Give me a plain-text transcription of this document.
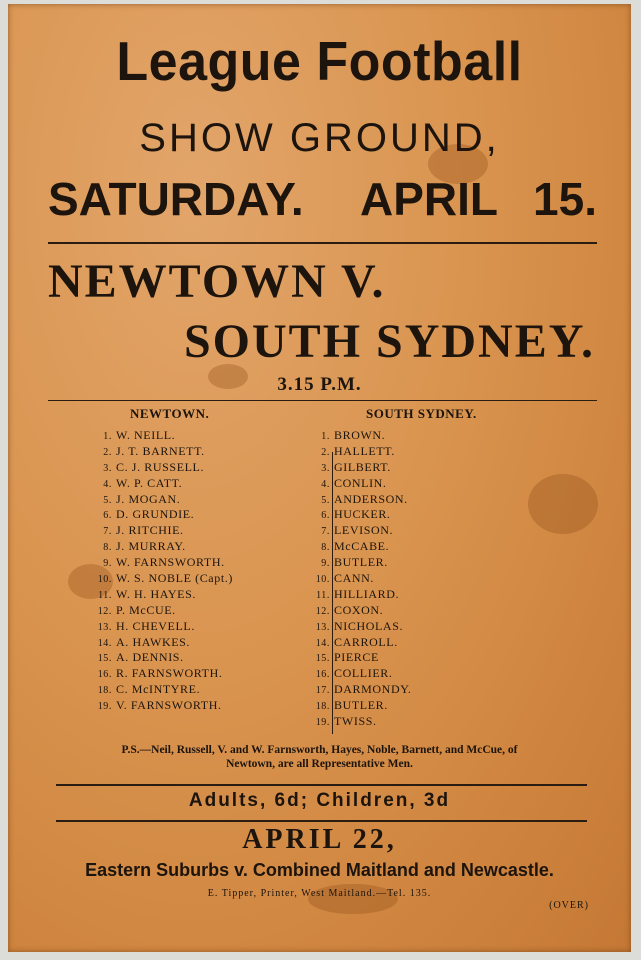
League Football
SHOW GROUND,
SATURDAY. APRIL 15.
NEWTOWN V.
SOUTH SYDNEY.
3.15 P.M.
NEWTOWN.
1. W. NEILL.
2. J. T. BARNETT.
3. C. J. RUSSELL.
4. W. P. CATT.
5. J. MOGAN.
6. D. GRUNDIE.
7. J. RITCHIE.
8. J. MURRAY.
9. W. FARNSWORTH.
10. W. S. NOBLE (Capt.)
11. W. H. HAYES.
12. P. McCUE.
13. H. CHEVELL.
14. A. HAWKES.
15. A. DENNIS.
16. R. FARNSWORTH.
18. C. McINTYRE.
19. V. FARNSWORTH.
SOUTH SYDNEY.
1. BROWN.
2. HALLETT.
3. GILBERT.
4. CONLIN.
5. ANDERSON.
6. HUCKER.
7. LEVISON.
8. McCABE.
9. BUTLER.
10. CANN.
11. HILLIARD.
12. COXON.
13. NICHOLAS.
14. CARROLL.
15. PIERCE
16. COLLIER.
17. DARMONDY.
18. BUTLER.
19. TWISS.
P.S.—Neil, Russell, V. and W. Farnsworth, Hayes, Noble, Barnett, and McCue, of
Newtown, are all Representative Men.
Adults, 6d; Children, 3d
APRIL 22,
Eastern Suburbs v. Combined Maitland and Newcastle.
E. Tipper, Printer, West Maitland.—Tel. 135.
(OVER)
